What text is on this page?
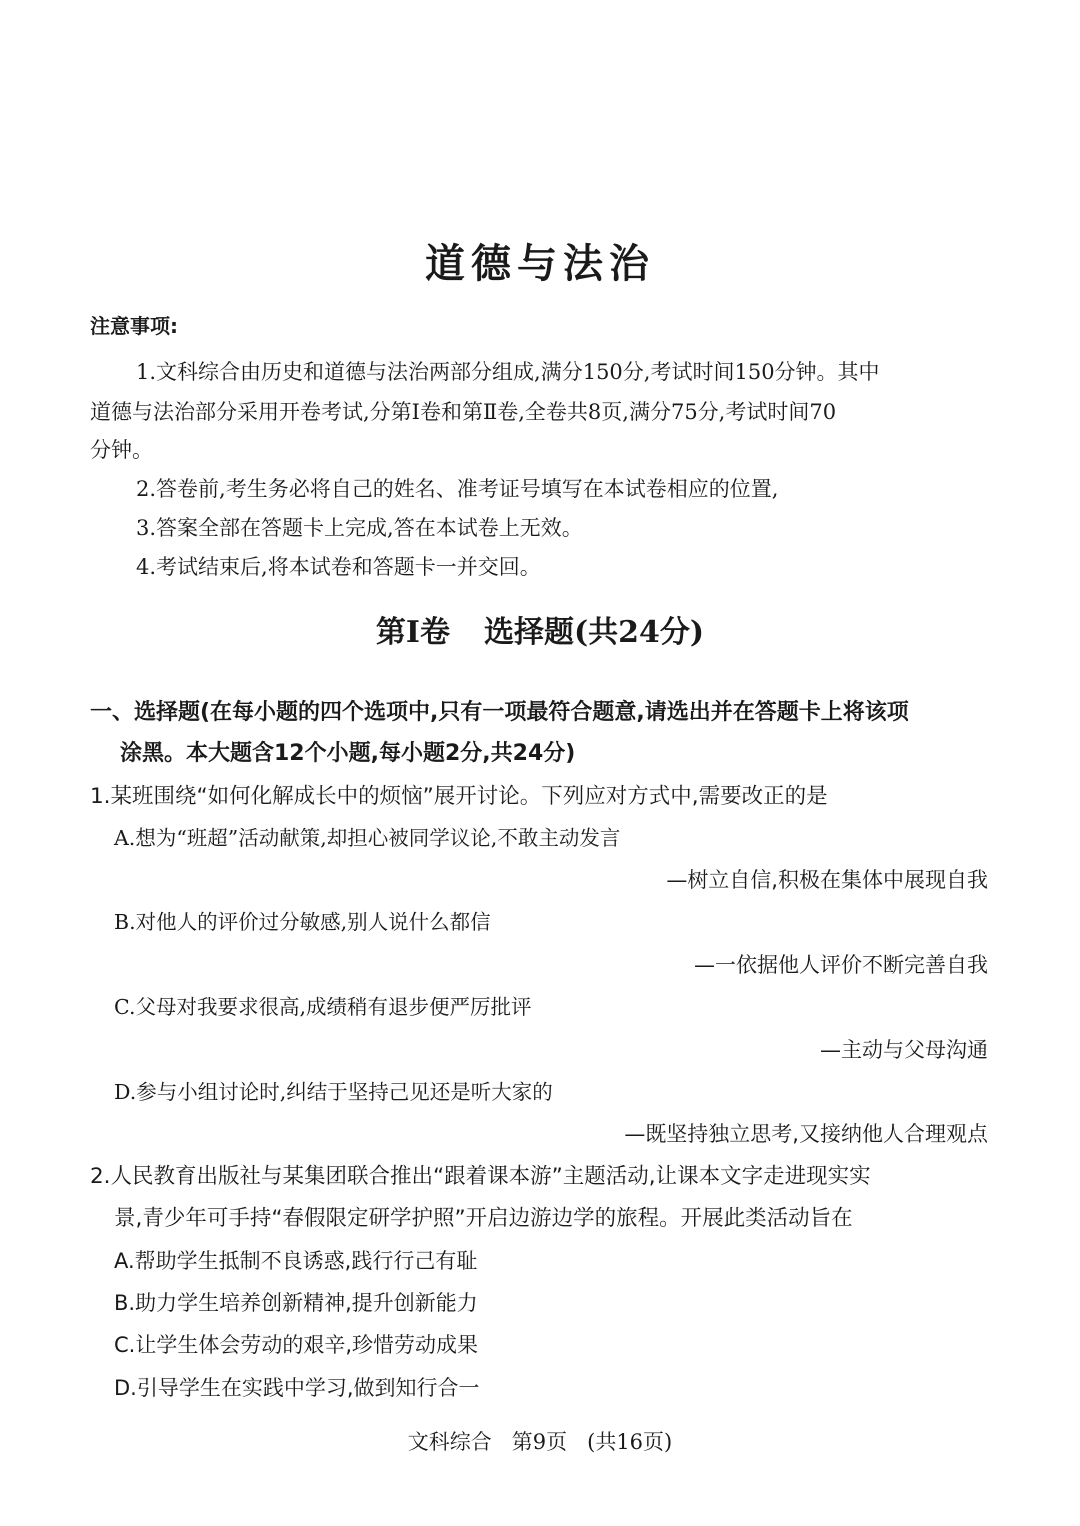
道德与法治
注意事项:
1.文科综合由历史和道德与法治两部分组成,满分150分,考试时间150分钟。其中
道德与法治部分采用开卷考试,分第Ⅰ卷和第Ⅱ卷,全卷共8页,满分75分,考试时间70
分钟。
2.答卷前,考生务必将自己的姓名、准考证号填写在本试卷相应的位置,
3.答案全部在答题卡上完成,答在本试卷上无效。
4.考试结束后,将本试卷和答题卡一并交回。
第Ⅰ卷 选择题(共24分)
一、选择题(在每小题的四个选项中,只有一项最符合题意,请选出并在答题卡上将该项
涂黑。本大题含12个小题,每小题2分,共24分)
1.某班围绕“如何化解成长中的烦恼”展开讨论。下列应对方式中,需要改正的是
A.想为“班超”活动献策,却担心被同学议论,不敢主动发言
—树立自信,积极在集体中展现自我
B.对他人的评价过分敏感,别人说什么都信
—一依据他人评价不断完善自我
C.父母对我要求很高,成绩稍有退步便严厉批评
—主动与父母沟通
D.参与小组讨论时,纠结于坚持己见还是听大家的
—既坚持独立思考,又接纳他人合理观点
2.人民教育出版社与某集团联合推出“跟着课本游”主题活动,让课本文字走进现实实
景,青少年可手持“春假限定研学护照”开启边游边学的旅程。开展此类活动旨在
A.帮助学生抵制不良诱惑,践行行己有耻
B.助力学生培养创新精神,提升创新能力
C.让学生体会劳动的艰辛,珍惜劳动成果
D.引导学生在实践中学习,做到知行合一
文科综合 第9页 (共16页)
